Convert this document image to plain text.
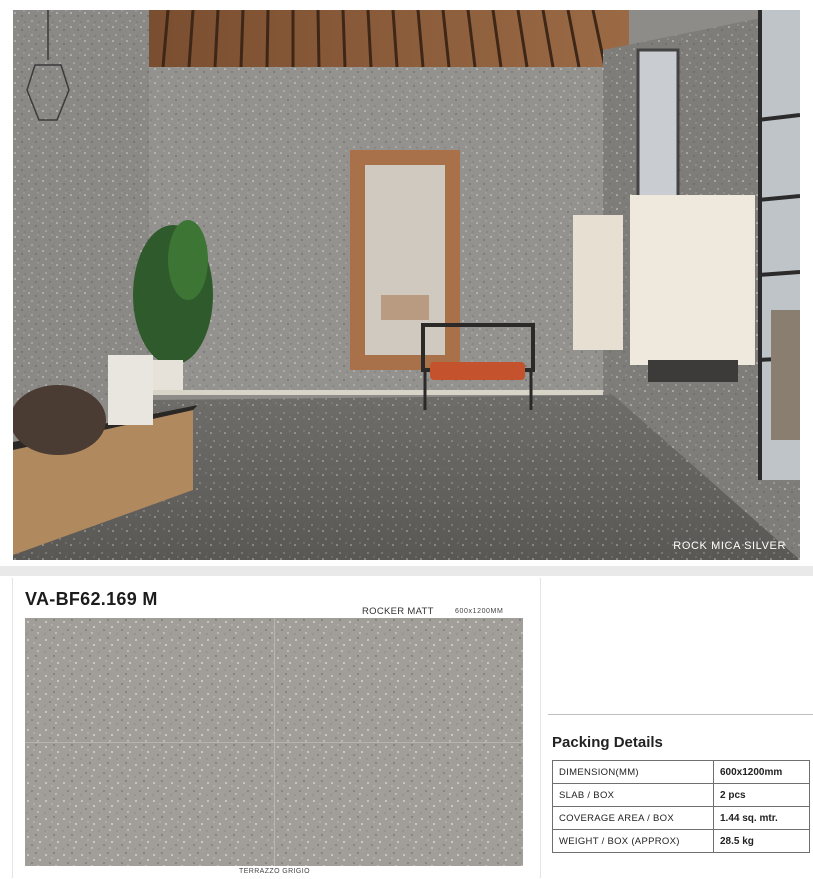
ROCK MICA SILVER
VA-BF62.169 M
ROCKER MATT	600x1200MM
TERRAZZO GRIGIO
Packing Details
DIMENSION(MM)	600x1200mm
SLAB / BOX	2 pcs
COVERAGE AREA / BOX	1.44 sq. mtr.
WEIGHT / BOX (APPROX)	28.5 kg
